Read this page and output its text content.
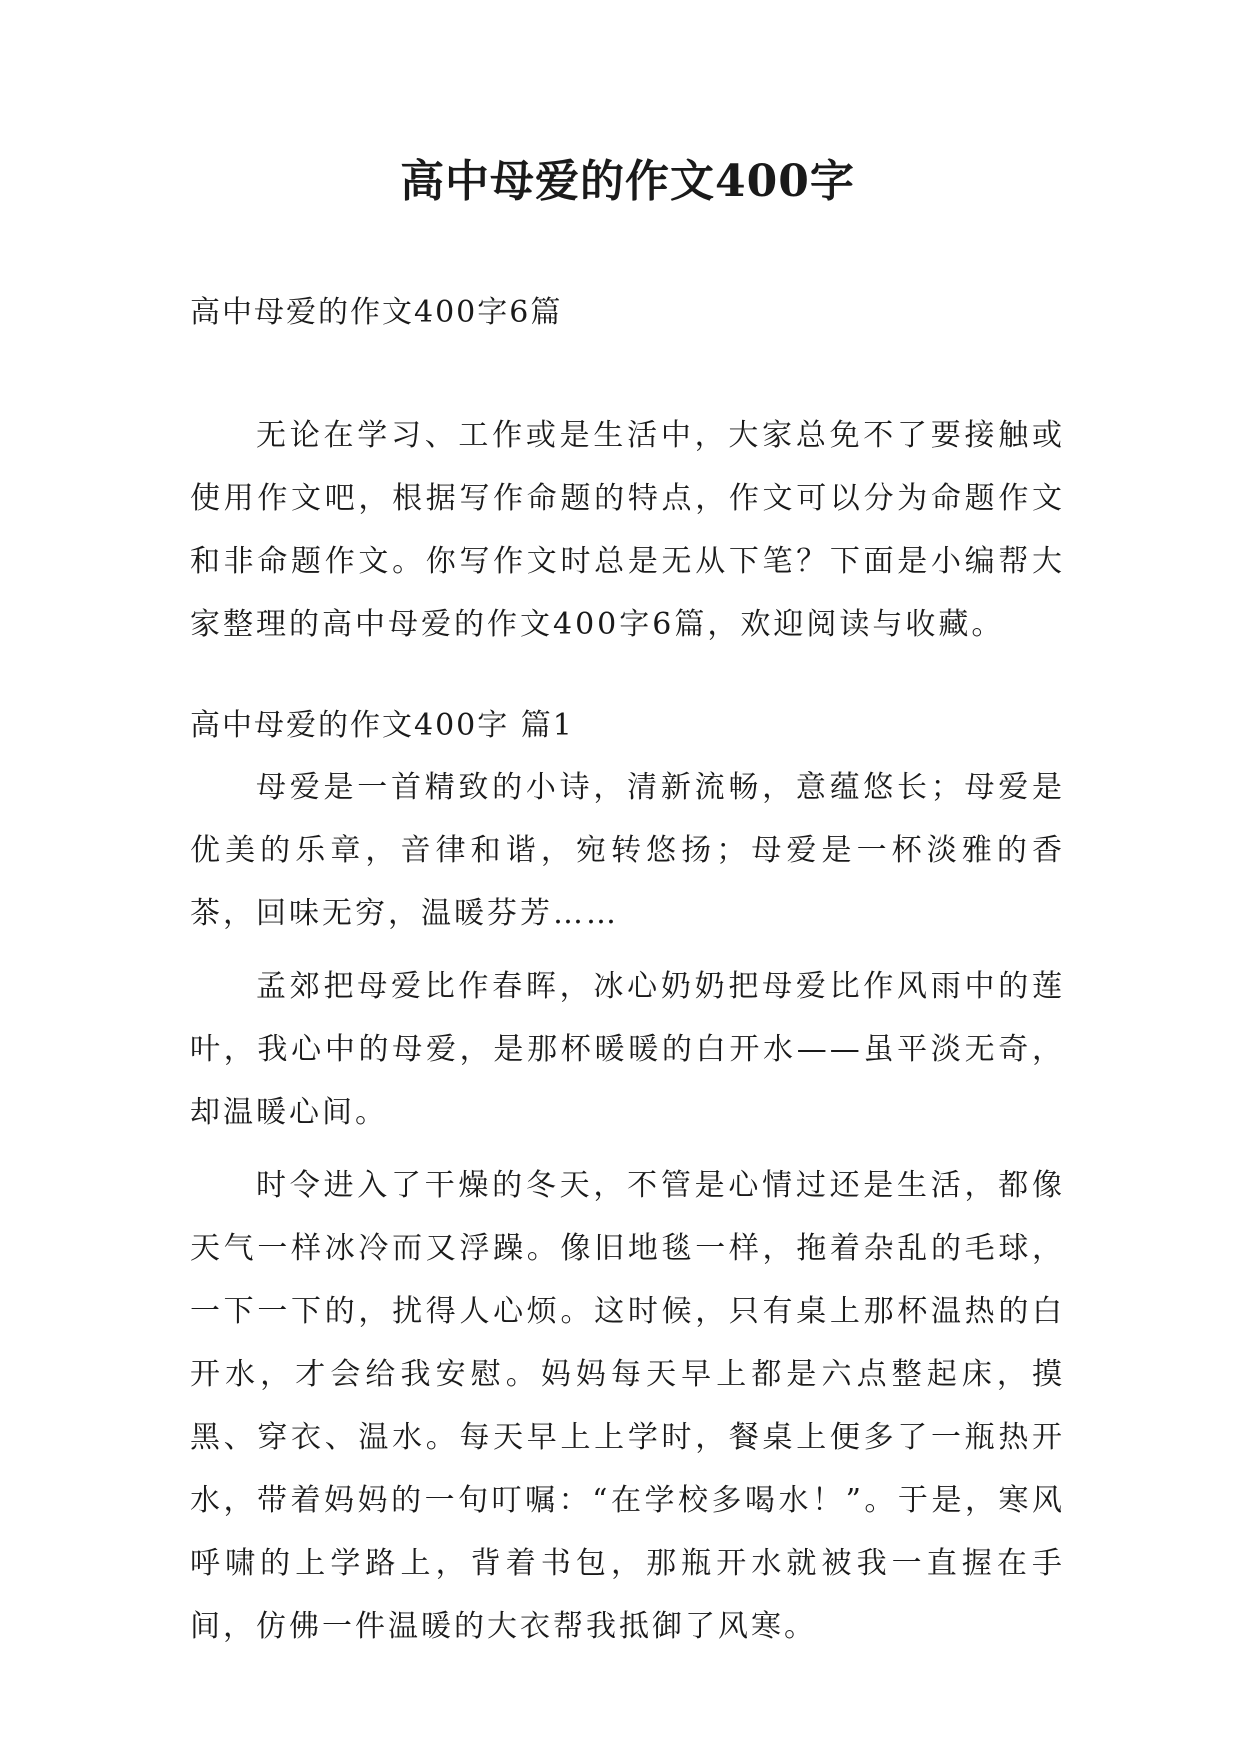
高中母爱的作文400字

高中母爱的作文400字6篇

无论在学习、工作或是生活中，大家总免不了要接触或使用作文吧，根据写作命题的特点，作文可以分为命题作文和非命题作文。你写作文时总是无从下笔？下面是小编帮大家整理的高中母爱的作文400字6篇，欢迎阅读与收藏。

高中母爱的作文400字 篇1

母爱是一首精致的小诗，清新流畅，意蕴悠长；母爱是优美的乐章，音律和谐，宛转悠扬；母爱是一杯淡雅的香茶，回味无穷，温暖芬芳……

孟郊把母爱比作春晖，冰心奶奶把母爱比作风雨中的莲叶，我心中的母爱，是那杯暖暖的白开水——虽平淡无奇，却温暖心间。

时令进入了干燥的冬天，不管是心情过还是生活，都像天气一样冰冷而又浮躁。像旧地毯一样，拖着杂乱的毛球，一下一下的，扰得人心烦。这时候，只有桌上那杯温热的白开水，才会给我安慰。妈妈每天早上都是六点整起床，摸黑、穿衣、温水。每天早上上学时，餐桌上便多了一瓶热开水，带着妈妈的一句叮嘱：“在学校多喝水！”。于是，寒风呼啸的上学路上，背着书包，那瓶开水就被我一直握在手间，仿佛一件温暖的大衣帮我抵御了风寒。
